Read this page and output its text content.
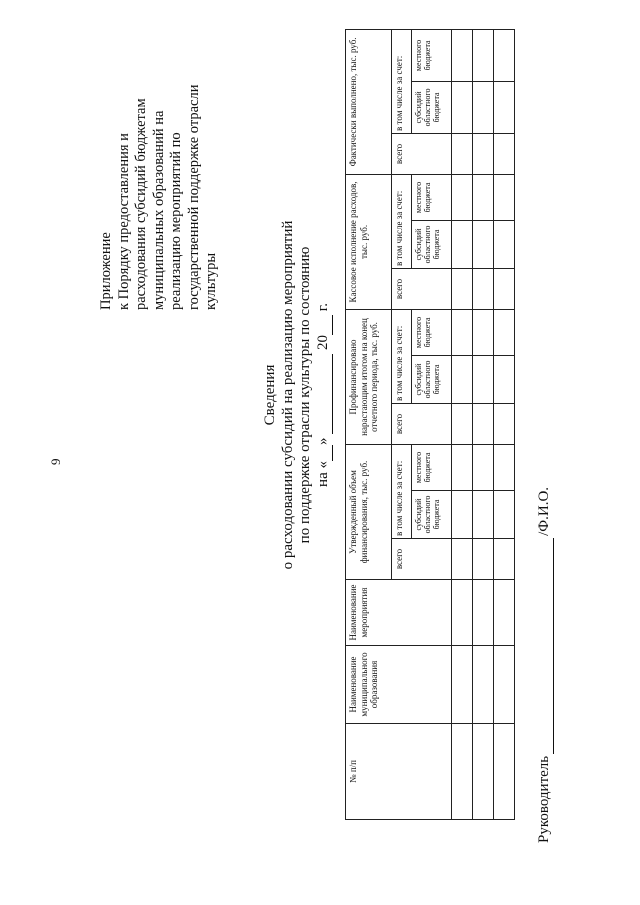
9
Приложение к Порядку предоставления и расходования субсидий бюджетам муниципальных образований на реализацию мероприятий по государственной поддержке отрасли культуры
Сведения о расходовании субсидий на реализацию мероприятий по поддержке отрасли культуры по состоянию на « »   20  г.
№ п/п	Наименование муниципального образования	Наименование мероприятия	Утвержденный объем финансирования, тыс. руб.			Профинансировано нарастающим итогом на конец отчетного периода, тыс. руб.			Кассовое исполнение расходов, тыс. руб.			Фактически выполнено, тыс. руб.		
			всего	в том числе за счет:		всего	в том числе за счет:		всего	в том числе за счет:		всего	в том числе за счет:	
				субсидий областного бюджета	местного бюджета		субсидий областного бюджета	местного бюджета		субсидий областного бюджета	местного бюджета		субсидий областного бюджета	местного бюджета

Руководитель /Ф.И.О.
